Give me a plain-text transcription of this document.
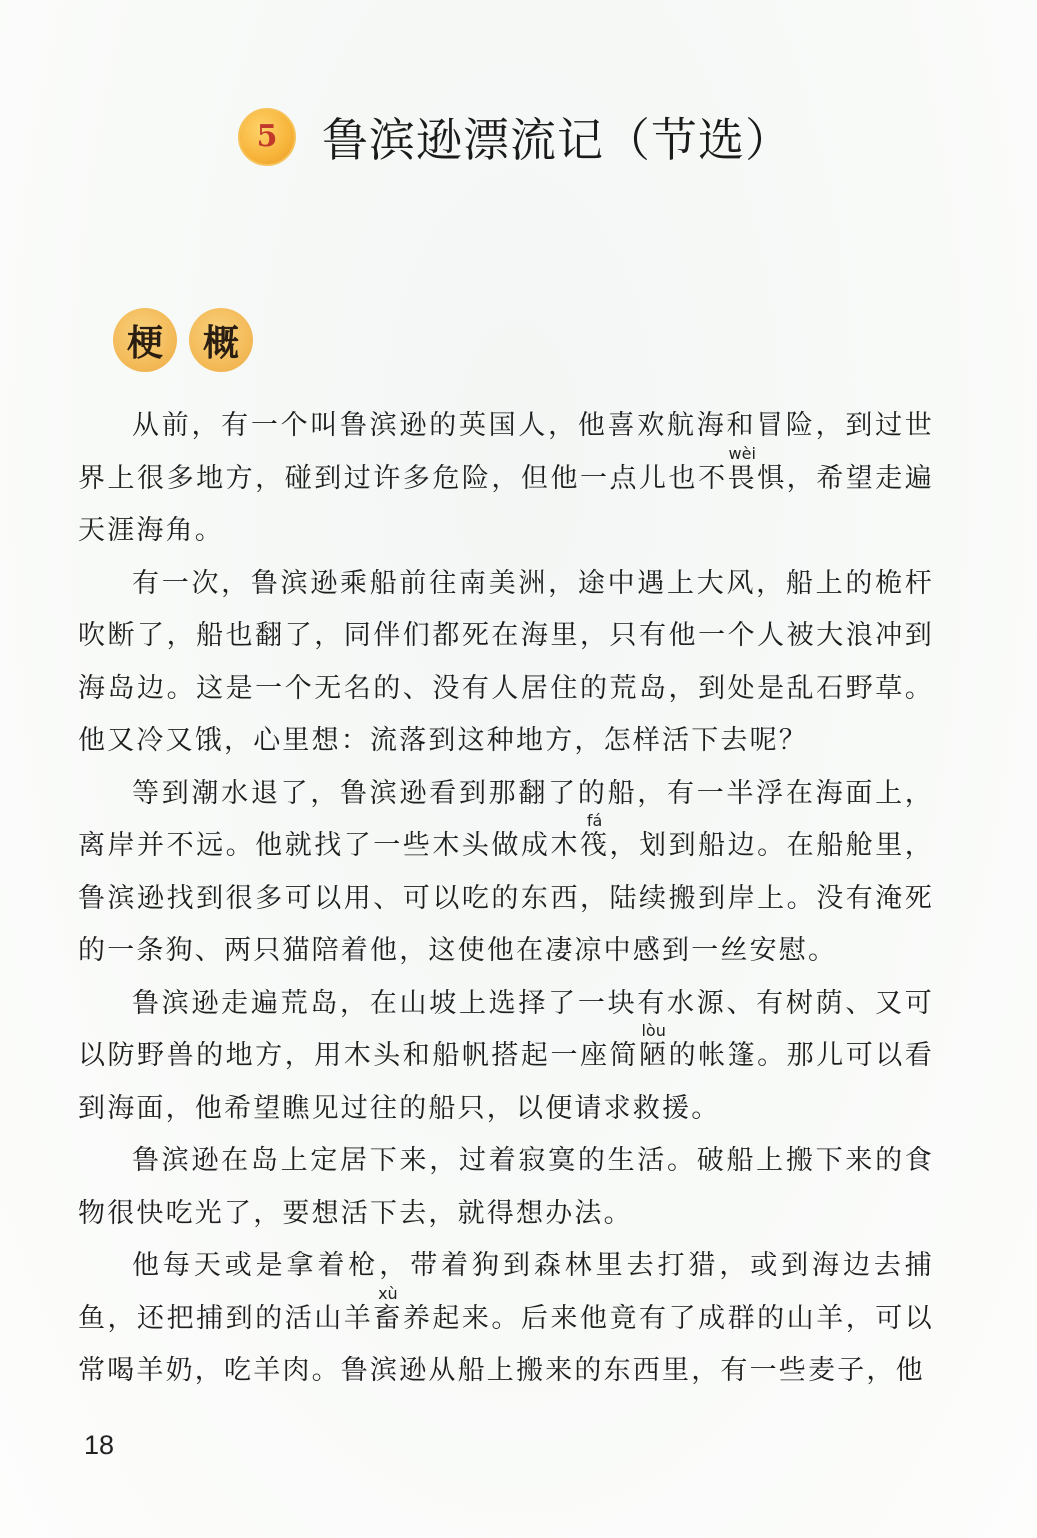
5 鲁滨逊漂流记（节选）
梗	概

从前，有一个叫鲁滨逊的英国人，他喜欢航海和冒险，到过世界上很多地方，碰到过许多危险，但他一点儿也不畏wèi惧，希望走遍天涯海角。

有一次，鲁滨逊乘船前往南美洲，途中遇上大风，船上的桅杆吹断了，船也翻了，同伴们都死在海里，只有他一个人被大浪冲到海岛边。这是一个无名的、没有人居住的荒岛，到处是乱石野草。他又冷又饿，心里想：流落到这种地方，怎样活下去呢？

等到潮水退了，鲁滨逊看到那翻了的船，有一半浮在海面上，离岸并不远。他就找了一些木头做成木筏fá，划到船边。在船舱里，鲁滨逊找到很多可以用、可以吃的东西，陆续搬到岸上。没有淹死的一条狗、两只猫陪着他，这使他在凄凉中感到一丝安慰。

鲁滨逊走遍荒岛，在山坡上选择了一块有水源、有树荫、又可以防野兽的地方，用木头和船帆搭起一座简陋lòu的帐篷。那儿可以看到海面，他希望瞧见过往的船只，以便请求救援。

鲁滨逊在岛上定居下来，过着寂寞的生活。破船上搬下来的食物很快吃光了，要想活下去，就得想办法。

他每天或是拿着枪，带着狗到森林里去打猎，或到海边去捕鱼，还把捕到的活山羊畜xù养起来。后来他竟有了成群的山羊，可以常喝羊奶，吃羊肉。鲁滨逊从船上搬来的东西里，有一些麦子，他

18
